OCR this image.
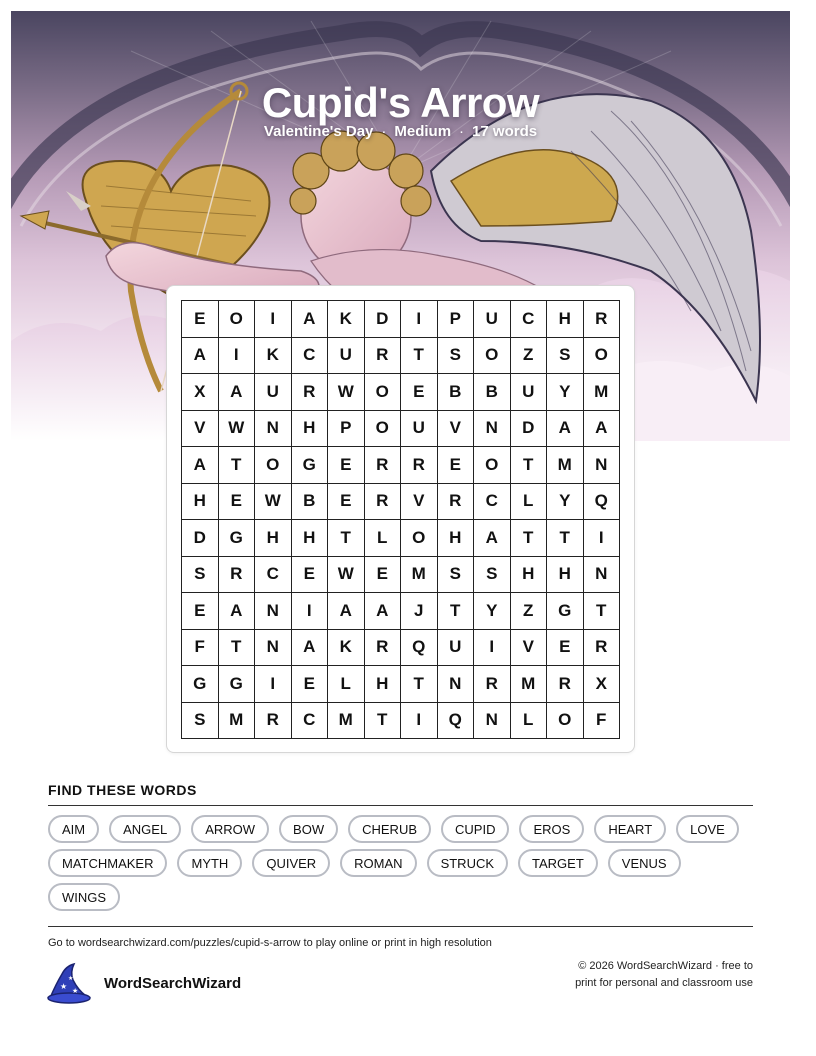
Cupid's Arrow
Valentine's Day · Medium · 17 words
E	O	I	A	K	D	I	P	U	C	H	R
A	I	K	C	U	R	T	S	O	Z	S	O
X	A	U	R	W	O	E	B	B	U	Y	M
V	W	N	H	P	O	U	V	N	D	A	A
A	T	O	G	E	R	R	E	O	T	M	N
H	E	W	B	E	R	V	R	C	L	Y	Q
D	G	H	H	T	L	O	H	A	T	T	I
S	R	C	E	W	E	M	S	S	H	H	N
E	A	N	I	A	A	J	T	Y	Z	G	T
F	T	N	A	K	R	Q	U	I	V	E	R
G	G	I	E	L	H	T	N	R	M	R	X
S	M	R	C	M	T	I	Q	N	L	O	F
FIND THESE WORDS
AIM	ANGEL	ARROW	BOW	CHERUB	CUPID	EROS	HEART	LOVE
MATCHMAKER	MYTH	QUIVER	ROMAN	STRUCK	TARGET	VENUS
WINGS
Go to wordsearchwizard.com/puzzles/cupid-s-arrow to play online or print in high resolution
★
★
★ WordSearchWizard
© 2026 WordSearchWizard · free to print for personal and classroom use
